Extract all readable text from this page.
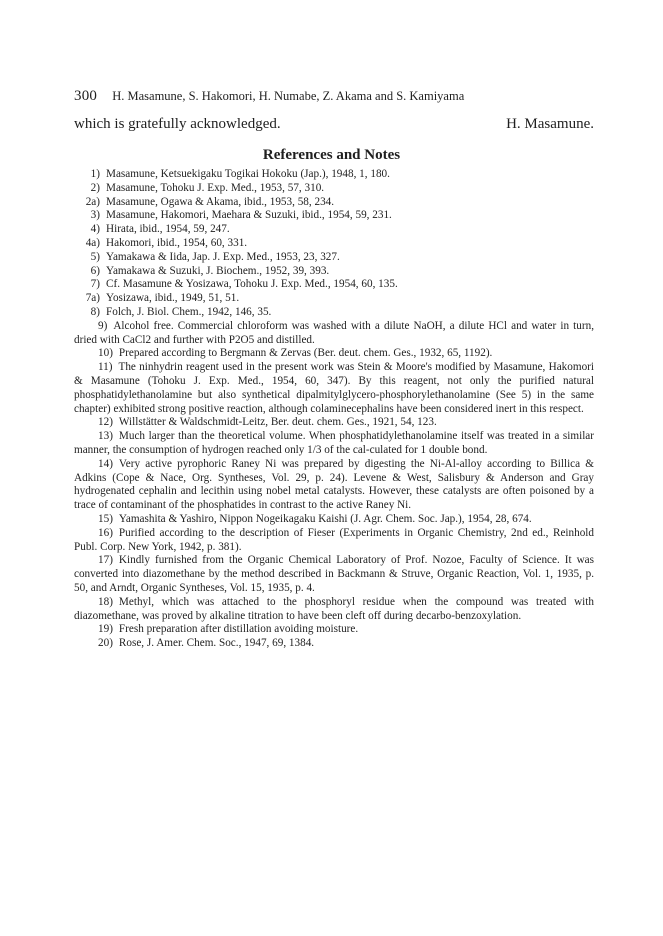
300 H. Masamune, S. Hakomori, H. Numabe, Z. Akama and S. Kamiyama
which is gratefully acknowledged.	H. Masamune.
References and Notes
1) Masamune, Ketsuekigaku Togikai Hokoku (Jap.), 1948, 1, 180.
2) Masamune, Tohoku J. Exp. Med., 1953, 57, 310.
2a) Masamune, Ogawa & Akama, ibid., 1953, 58, 234.
3) Masamune, Hakomori, Maehara & Suzuki, ibid., 1954, 59, 231.
4) Hirata, ibid., 1954, 59, 247.
4a) Hakomori, ibid., 1954, 60, 331.
5) Yamakawa & Iida, Jap. J. Exp. Med., 1953, 23, 327.
6) Yamakawa & Suzuki, J. Biochem., 1952, 39, 393.
7) Cf. Masamune & Yosizawa, Tohoku J. Exp. Med., 1954, 60, 135.
7a) Yosizawa, ibid., 1949, 51, 51.
8) Folch, J. Biol. Chem., 1942, 146, 35.
9) Alcohol free. Commercial chloroform was washed with a dilute NaOH, a dilute HCl and water in turn, dried with CaCl2 and further with P2O5 and distilled.
10) Prepared according to Bergmann & Zervas (Ber. deut. chem. Ges., 1932, 65, 1192).
11) The ninhydrin reagent used in the present work was Stein & Moore's modified by Masamune, Hakomori & Masamune (Tohoku J. Exp. Med., 1954, 60, 347). By this reagent, not only the purified natural phosphatidylethanolamine but also synthetical dipalmitylglycero-phosphorylethanolamine (See 5) in the same chapter) exhibited strong positive reaction, although colaminecephalins have been considered inert in this respect.
12) Willstätter & Waldschmidt-Leitz, Ber. deut. chem. Ges., 1921, 54, 123.
13) Much larger than the theoretical volume. When phosphatidylethanolamine itself was treated in a similar manner, the consumption of hydrogen reached only 1/3 of the cal-culated for 1 double bond.
14) Very active pyrophoric Raney Ni was prepared by digesting the Ni-Al-alloy according to Billica & Adkins (Cope & Nace, Org. Syntheses, Vol. 29, p. 24). Levene & West, Salisbury & Anderson and Gray hydrogenated cephalin and lecithin using nobel metal catalysts. However, these catalysts are often poisoned by a trace of contaminant of the phosphatides in contrast to the active Raney Ni.
15) Yamashita & Yashiro, Nippon Nogeikagaku Kaishi (J. Agr. Chem. Soc. Jap.), 1954, 28, 674.
16) Purified according to the description of Fieser (Experiments in Organic Chemistry, 2nd ed., Reinhold Publ. Corp. New York, 1942, p. 381).
17) Kindly furnished from the Organic Chemical Laboratory of Prof. Nozoe, Faculty of Science. It was converted into diazomethane by the method described in Backmann & Struve, Organic Reaction, Vol. 1, 1935, p. 50, and Arndt, Organic Syntheses, Vol. 15, 1935, p. 4.
18) Methyl, which was attached to the phosphoryl residue when the compound was treated with diazomethane, was proved by alkaline titration to have been cleft off during decarbo-benzoxylation.
19) Fresh preparation after distillation avoiding moisture.
20) Rose, J. Amer. Chem. Soc., 1947, 69, 1384.
